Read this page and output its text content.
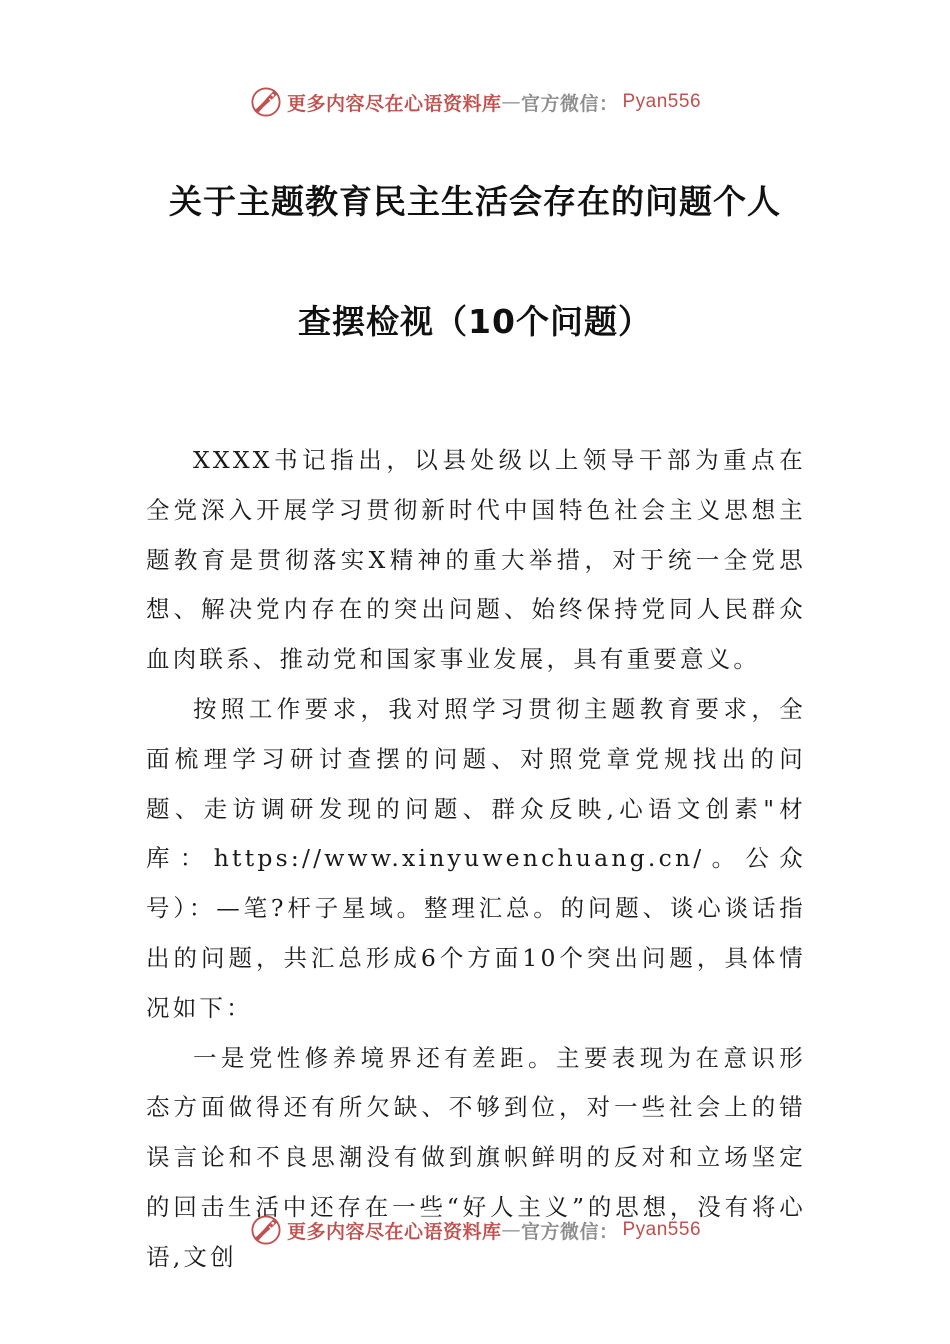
更多内容尽在心语资料库 — 官方微信： Pyan556
关于主题教育民主生活会存在的问题个人
查摆检视（10个问题）

XXXX书记指出，以县处级以上领导干部为重点在全党深入开展学习贯彻新时代中国特色社会主义思想主题教育是贯彻落实X精神的重大举措，对于统一全党思想、解决党内存在的突出问题、始终保持党同人民群众血肉联系、推动党和国家事业发展，具有重要意义。

按照工作要求，我对照学习贯彻主题教育要求，全面梳理学习研讨查摆的问题、对照党章党规找出的问题、走访调研发现的问题、群众反映,心语文创素"材库：https://www.xinyuwenchuang.cn/。公众号）：—笔?杆子星域。整理汇总。的问题、谈心谈话指出的问题，共汇总形成6个方面10个突出问题，具体情况如下：

一是党性修养境界还有差距。主要表现为在意识形态方面做得还有所欠缺、不够到位，对一些社会上的错误言论和不良思潮没有做到旗帜鲜明的反对和立场坚定的回击生活中还存在一些“好人主义”的思想，没有将心语,文创

更多内容尽在心语资料库 — 官方微信： Pyan556
